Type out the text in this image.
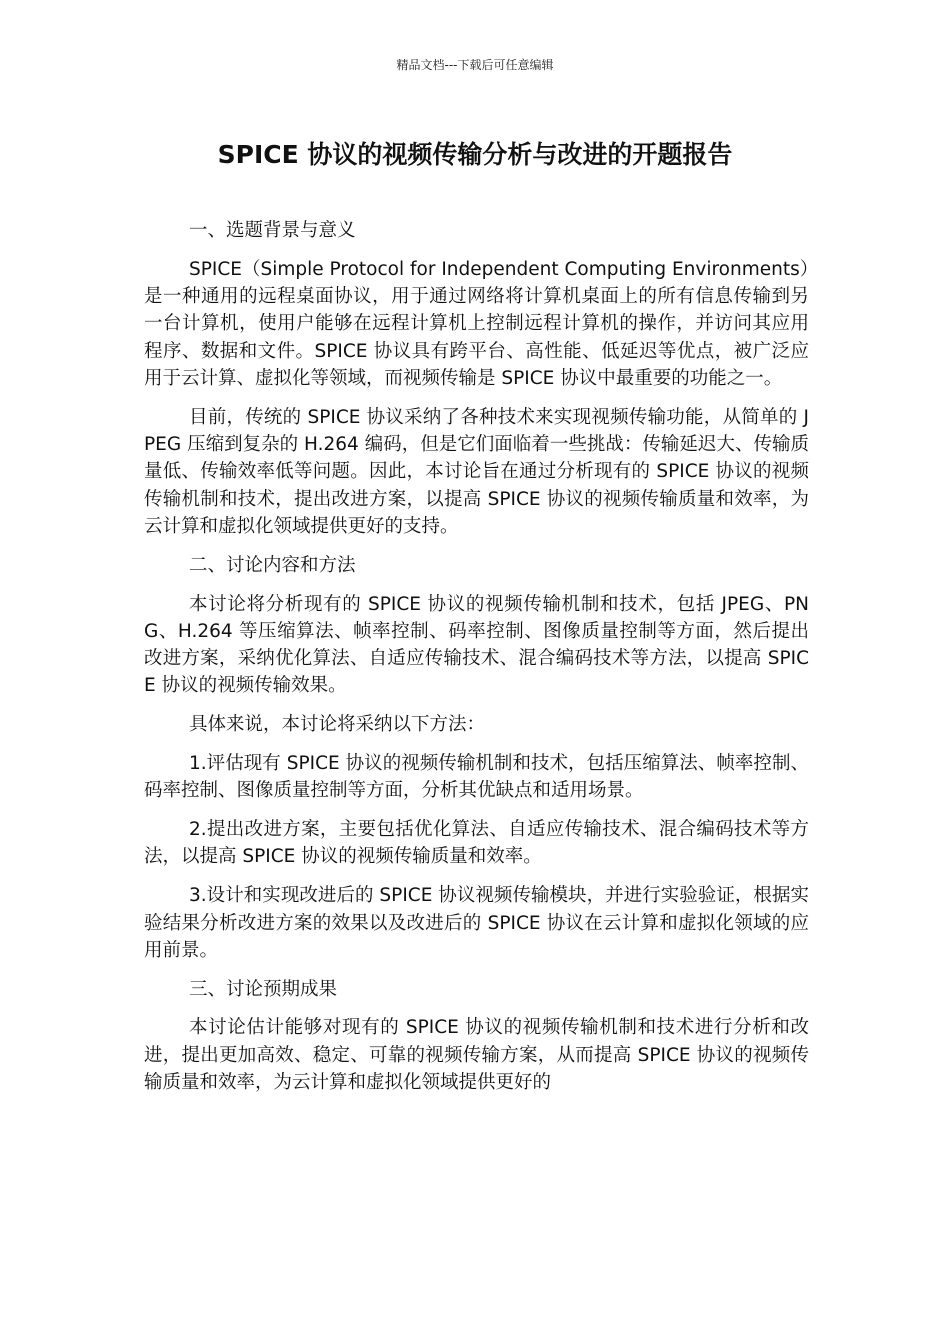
精品文档---下载后可任意编辑
SPICE 协议的视频传输分析与改进的开题报告

一、选题背景与意义

SPICE（Simple Protocol for Independent Computing Environments）是一种通用的远程桌面协议，用于通过网络将计算机桌面上的所有信息传输到另一台计算机，使用户能够在远程计算机上控制远程计算机的操作，并访问其应用程序、数据和文件。SPICE 协议具有跨平台、高性能、低延迟等优点，被广泛应用于云计算、虚拟化等领域，而视频传输是 SPICE 协议中最重要的功能之一。

目前，传统的 SPICE 协议采纳了各种技术来实现视频传输功能，从简单的 JPEG 压缩到复杂的 H.264 编码，但是它们面临着一些挑战：传输延迟大、传输质量低、传输效率低等问题。因此，本讨论旨在通过分析现有的 SPICE 协议的视频传输机制和技术，提出改进方案，以提高 SPICE 协议的视频传输质量和效率，为云计算和虚拟化领域提供更好的支持。

二、讨论内容和方法

本讨论将分析现有的 SPICE 协议的视频传输机制和技术，包括 JPEG、PNG、H.264 等压缩算法、帧率控制、码率控制、图像质量控制等方面，然后提出改进方案，采纳优化算法、自适应传输技术、混合编码技术等方法，以提高 SPICE 协议的视频传输效果。

具体来说，本讨论将采纳以下方法：

1.评估现有 SPICE 协议的视频传输机制和技术，包括压缩算法、帧率控制、码率控制、图像质量控制等方面，分析其优缺点和适用场景。

2.提出改进方案，主要包括优化算法、自适应传输技术、混合编码技术等方法，以提高 SPICE 协议的视频传输质量和效率。

3.设计和实现改进后的 SPICE 协议视频传输模块，并进行实验验证，根据实验结果分析改进方案的效果以及改进后的 SPICE 协议在云计算和虚拟化领域的应用前景。

三、讨论预期成果

本讨论估计能够对现有的 SPICE 协议的视频传输机制和技术进行分析和改进，提出更加高效、稳定、可靠的视频传输方案，从而提高 SPICE 协议的视频传输质量和效率，为云计算和虚拟化领域提供更好的
